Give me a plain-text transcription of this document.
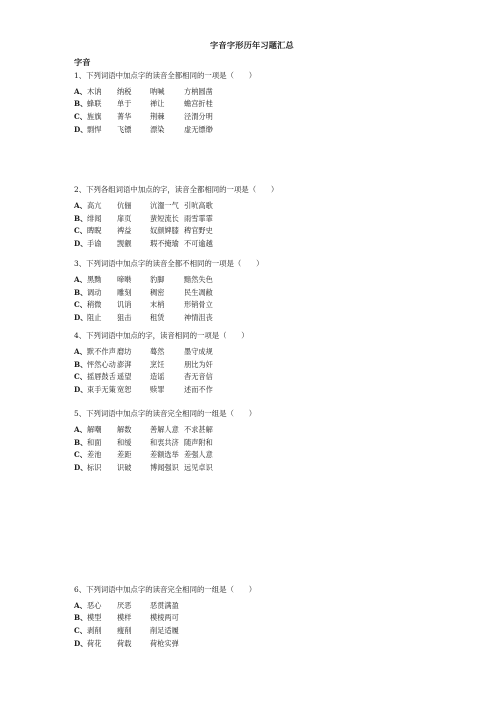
字音字形历年习题汇总
字音
1、下列词语中加点字的读音全都相同的一项是（　　）
A、 木讷 纳税	呐喊	方枘圆凿
B、 蜂联 单于	禅让	蟾宫折桂
C、 旌旗 菁华	荆棘	泾渭分明
D、 剽悍 飞镖	漂染	虚无缥缈
2、下列各组词语中加点的字，读音全都相同的一项是（　　）
A、 高亢 伉俪	沆瀣一气 引吭高歌
B、 绯闻 扉页	蜚短流长 雨雪霏霏
C、 睥睨 裨益	奴颜婢膝 稗官野史
D、 手谕 觊觎	瑕不掩瑜 不可逾越
3、下列词语中加点字的读音全都不相同的一项是（　　）
A、 黑黝 啼啭	豹脚	黯然失色
B、 调动 雕刻	稠密	民生凋敝
C、 稍微 讥诮	末梢	形销骨立
D、 阻止 狙击	租赁	神情沮丧
4、下列词语中加点的字，读音相同的一项是（　　）
A、 默不作声 磨坊	蓦然	墨守成规
B、 怦然心动 澎湃	烹饪	朋比为奸
C、 摇唇鼓舌 遥望	造谣	杳无音信
D、 束手无策 宽恕	赎罪	述而不作
5、下列词语中加点字的读音完全相同的一组是（　　）
A、 解嘲 解数	善解人意 不求甚解
B、 和面 和缓	和衷共济 随声附和
C、 差池 差距	差额选举 差强人意
D、 标识 识破	博闻强识 远见卓识
6、下列词语中加点字的读音完全相同的一组是（　　）
A、 恶心 厌恶	恶贯满盈
B、 模型 模样	模棱两可
C、 剥削 瘦削	削足适履
D、 荷花 荷载	荷枪实弹
